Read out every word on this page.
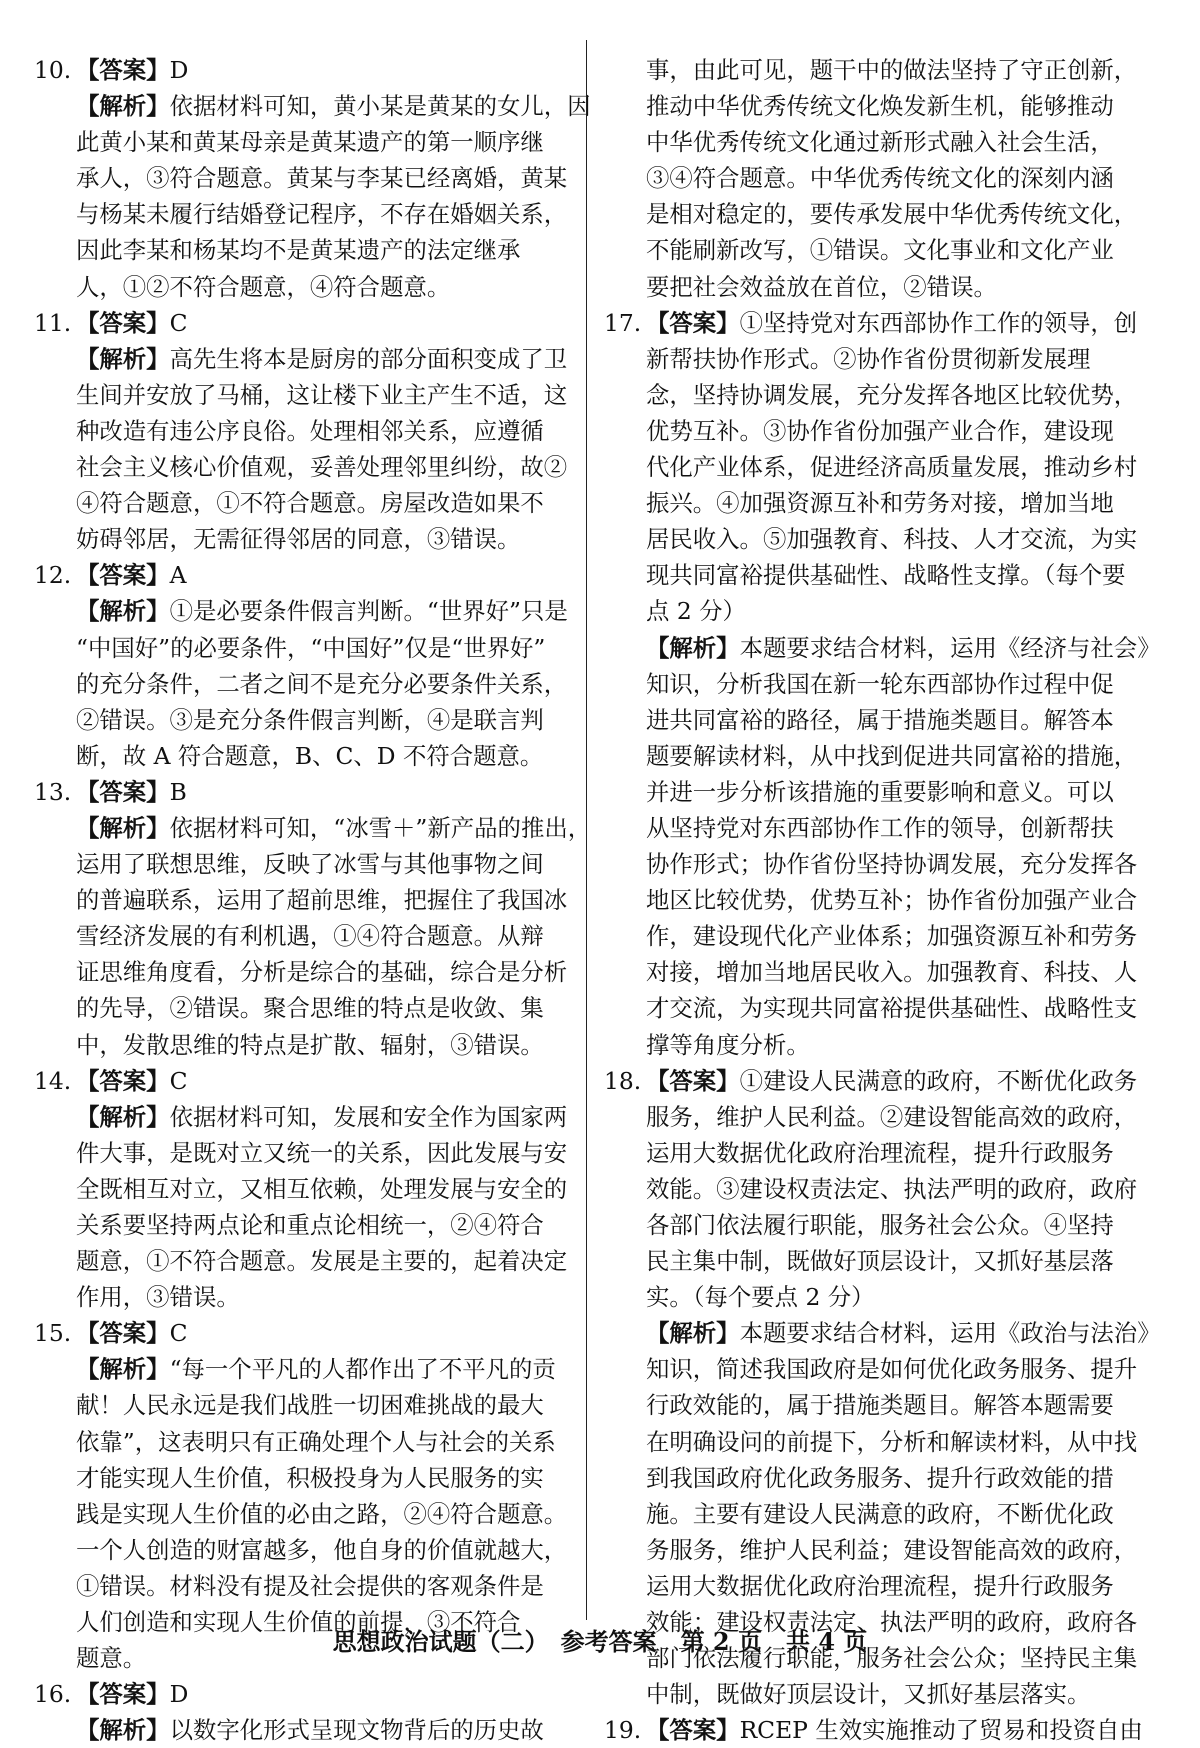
10. 【答案】D
【解析】依据材料可知，黄小某是黄某的女儿，因
此黄小某和黄某母亲是黄某遗产的第一顺序继
承人，③符合题意。黄某与李某已经离婚，黄某
与杨某未履行结婚登记程序，不存在婚姻关系，
因此李某和杨某均不是黄某遗产的法定继承
人，①②不符合题意，④符合题意。
11. 【答案】C
【解析】高先生将本是厨房的部分面积变成了卫
生间并安放了马桶，这让楼下业主产生不适，这
种改造有违公序良俗。处理相邻关系，应遵循
社会主义核心价值观，妥善处理邻里纠纷，故②
④符合题意，①不符合题意。房屋改造如果不
妨碍邻居，无需征得邻居的同意，③错误。
12. 【答案】A
【解析】①是必要条件假言判断。“世界好”只是
“中国好”的必要条件，“中国好”仅是“世界好”
的充分条件，二者之间不是充分必要条件关系，
②错误。③是充分条件假言判断，④是联言判
断，故 A 符合题意，B、C、D 不符合题意。
13. 【答案】B
【解析】依据材料可知，“冰雪＋”新产品的推出，
运用了联想思维，反映了冰雪与其他事物之间
的普遍联系，运用了超前思维，把握住了我国冰
雪经济发展的有利机遇，①④符合题意。从辩
证思维角度看，分析是综合的基础，综合是分析
的先导，②错误。聚合思维的特点是收敛、集
中，发散思维的特点是扩散、辐射，③错误。
14. 【答案】C
【解析】依据材料可知，发展和安全作为国家两
件大事，是既对立又统一的关系，因此发展与安
全既相互对立，又相互依赖，处理发展与安全的
关系要坚持两点论和重点论相统一，②④符合
题意，①不符合题意。发展是主要的，起着决定
作用，③错误。
15. 【答案】C
【解析】“每一个平凡的人都作出了不平凡的贡
献！人民永远是我们战胜一切困难挑战的最大
依靠”，这表明只有正确处理个人与社会的关系
才能实现人生价值，积极投身为人民服务的实
践是实现人生价值的必由之路，②④符合题意。
一个人创造的财富越多，他自身的价值就越大，
①错误。材料没有提及社会提供的客观条件是
人们创造和实现人生价值的前提，③不符合
题意。
16. 【答案】D
【解析】以数字化形式呈现文物背后的历史故
事，由此可见，题干中的做法坚持了守正创新，
推动中华优秀传统文化焕发新生机，能够推动
中华优秀传统文化通过新形式融入社会生活，
③④符合题意。中华优秀传统文化的深刻内涵
是相对稳定的，要传承发展中华优秀传统文化，
不能刷新改写，①错误。文化事业和文化产业
要把社会效益放在首位，②错误。
17. 【答案】①坚持党对东西部协作工作的领导，创
新帮扶协作形式。②协作省份贯彻新发展理
念，坚持协调发展，充分发挥各地区比较优势，
优势互补。③协作省份加强产业合作，建设现
代化产业体系，促进经济高质量发展，推动乡村
振兴。④加强资源互补和劳务对接，增加当地
居民收入。⑤加强教育、科技、人才交流，为实
现共同富裕提供基础性、战略性支撑。（每个要
点 2 分）
【解析】本题要求结合材料，运用《经济与社会》
知识，分析我国在新一轮东西部协作过程中促
进共同富裕的路径，属于措施类题目。解答本
题要解读材料，从中找到促进共同富裕的措施，
并进一步分析该措施的重要影响和意义。可以
从坚持党对东西部协作工作的领导，创新帮扶
协作形式；协作省份坚持协调发展，充分发挥各
地区比较优势，优势互补；协作省份加强产业合
作，建设现代化产业体系；加强资源互补和劳务
对接，增加当地居民收入。加强教育、科技、人
才交流，为实现共同富裕提供基础性、战略性支
撑等角度分析。
18. 【答案】①建设人民满意的政府，不断优化政务
服务，维护人民利益。②建设智能高效的政府，
运用大数据优化政府治理流程，提升行政服务
效能。③建设权责法定、执法严明的政府，政府
各部门依法履行职能，服务社会公众。④坚持
民主集中制，既做好顶层设计，又抓好基层落
实。（每个要点 2 分）
【解析】本题要求结合材料，运用《政治与法治》
知识，简述我国政府是如何优化政务服务、提升
行政效能的，属于措施类题目。解答本题需要
在明确设问的前提下，分析和解读材料，从中找
到我国政府优化政务服务、提升行政效能的措
施。主要有建设人民满意的政府，不断优化政
务服务，维护人民利益；建设智能高效的政府，
运用大数据优化政府治理流程，提升行政服务
效能；建设权责法定、执法严明的政府，政府各
部门依法履行职能，服务社会公众；坚持民主集
中制，既做好顶层设计，又抓好基层落实。
19. 【答案】RCEP 生效实施推动了贸易和投资自由
思想政治试题（二）　参考答案　第 2 页　共 4 页
